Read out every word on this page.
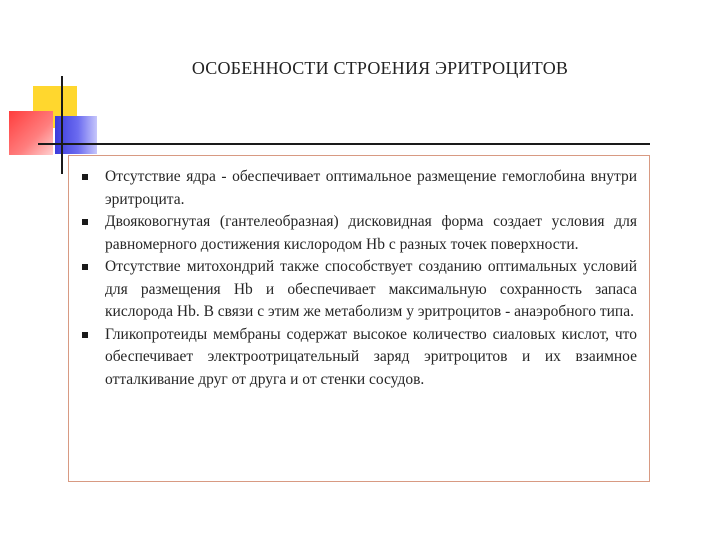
ОСОБЕННОСТИ СТРОЕНИЯ ЭРИТРОЦИТОВ
Отсутствие ядра - обеспечивает оптимальное размещение гемоглобина внутри эритроцита.
Двояковогнутая (гантелеобразная) дисковидная форма создает условия для равномерного достижения кислородом Hb с разных точек поверхности.
Отсутствие митохондрий также способствует созданию оптимальных условий для размещения Hb и обеспечивает максимальную сохранность запаса кислорода Hb. В связи с этим же метаболизм у эритроцитов - анаэробного типа.
Гликопротеиды мембраны содержат высокое количество сиаловых кислот, что обеспечивает электроотрицательный заряд эритроцитов и их взаимное отталкивание друг от друга и от стенки сосудов.
